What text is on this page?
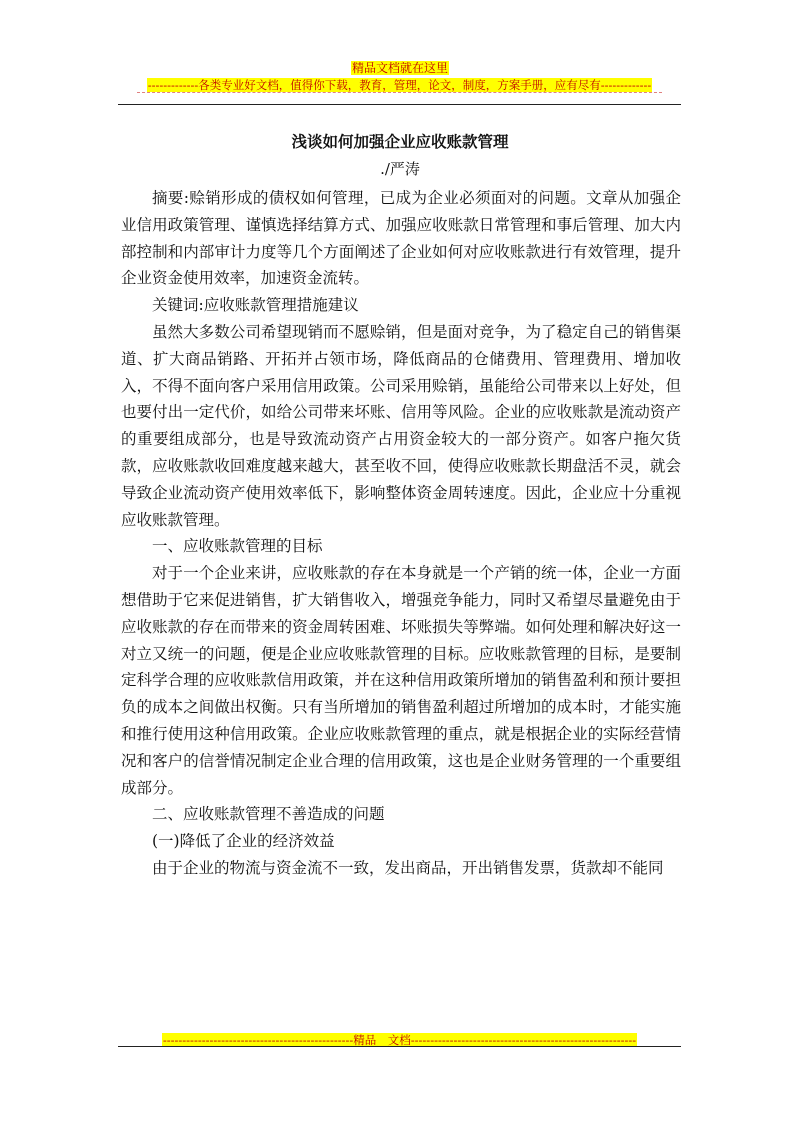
精品文档就在这里
-------------各类专业好文档，值得你下载，教育，管理，论文，制度，方案手册，应有尽有-------------
浅谈如何加强企业应收账款管理
./严涛

摘要:赊销形成的债权如何管理，已成为企业必须面对的问题。文章从加强企业信用政策管理、谨慎选择结算方式、加强应收账款日常管理和事后管理、加大内部控制和内部审计力度等几个方面阐述了企业如何对应收账款进行有效管理，提升企业资金使用效率，加速资金流转。

关键词:应收账款管理措施建议

虽然大多数公司希望现销而不愿赊销，但是面对竞争，为了稳定自己的销售渠道、扩大商品销路、开拓并占领市场，降低商品的仓储费用、管理费用、增加收入，不得不面向客户采用信用政策。公司采用赊销，虽能给公司带来以上好处，但也要付出一定代价，如给公司带来坏账、信用等风险。企业的应收账款是流动资产的重要组成部分，也是导致流动资产占用资金较大的一部分资产。如客户拖欠货款，应收账款收回难度越来越大，甚至收不回，使得应收账款长期盘活不灵，就会导致企业流动资产使用效率低下，影响整体资金周转速度。因此，企业应十分重视应收账款管理。

一、应收账款管理的目标

对于一个企业来讲，应收账款的存在本身就是一个产销的统一体，企业一方面想借助于它来促进销售，扩大销售收入，增强竞争能力，同时又希望尽量避免由于应收账款的存在而带来的资金周转困难、坏账损失等弊端。如何处理和解决好这一对立又统一的问题，便是企业应收账款管理的目标。应收账款管理的目标，是要制定科学合理的应收账款信用政策，并在这种信用政策所增加的销售盈利和预计要担负的成本之间做出权衡。只有当所增加的销售盈利超过所增加的成本时，才能实施和推行使用这种信用政策。企业应收账款管理的重点，就是根据企业的实际经营情况和客户的信誉情况制定企业合理的信用政策，这也是企业财务管理的一个重要组成部分。

二、应收账款管理不善造成的问题

(一)降低了企业的经济效益

由于企业的物流与资金流不一致，发出商品，开出销售发票，货款却不能同

-------------------------------------------------精品　文档----------------------------------------------------------
